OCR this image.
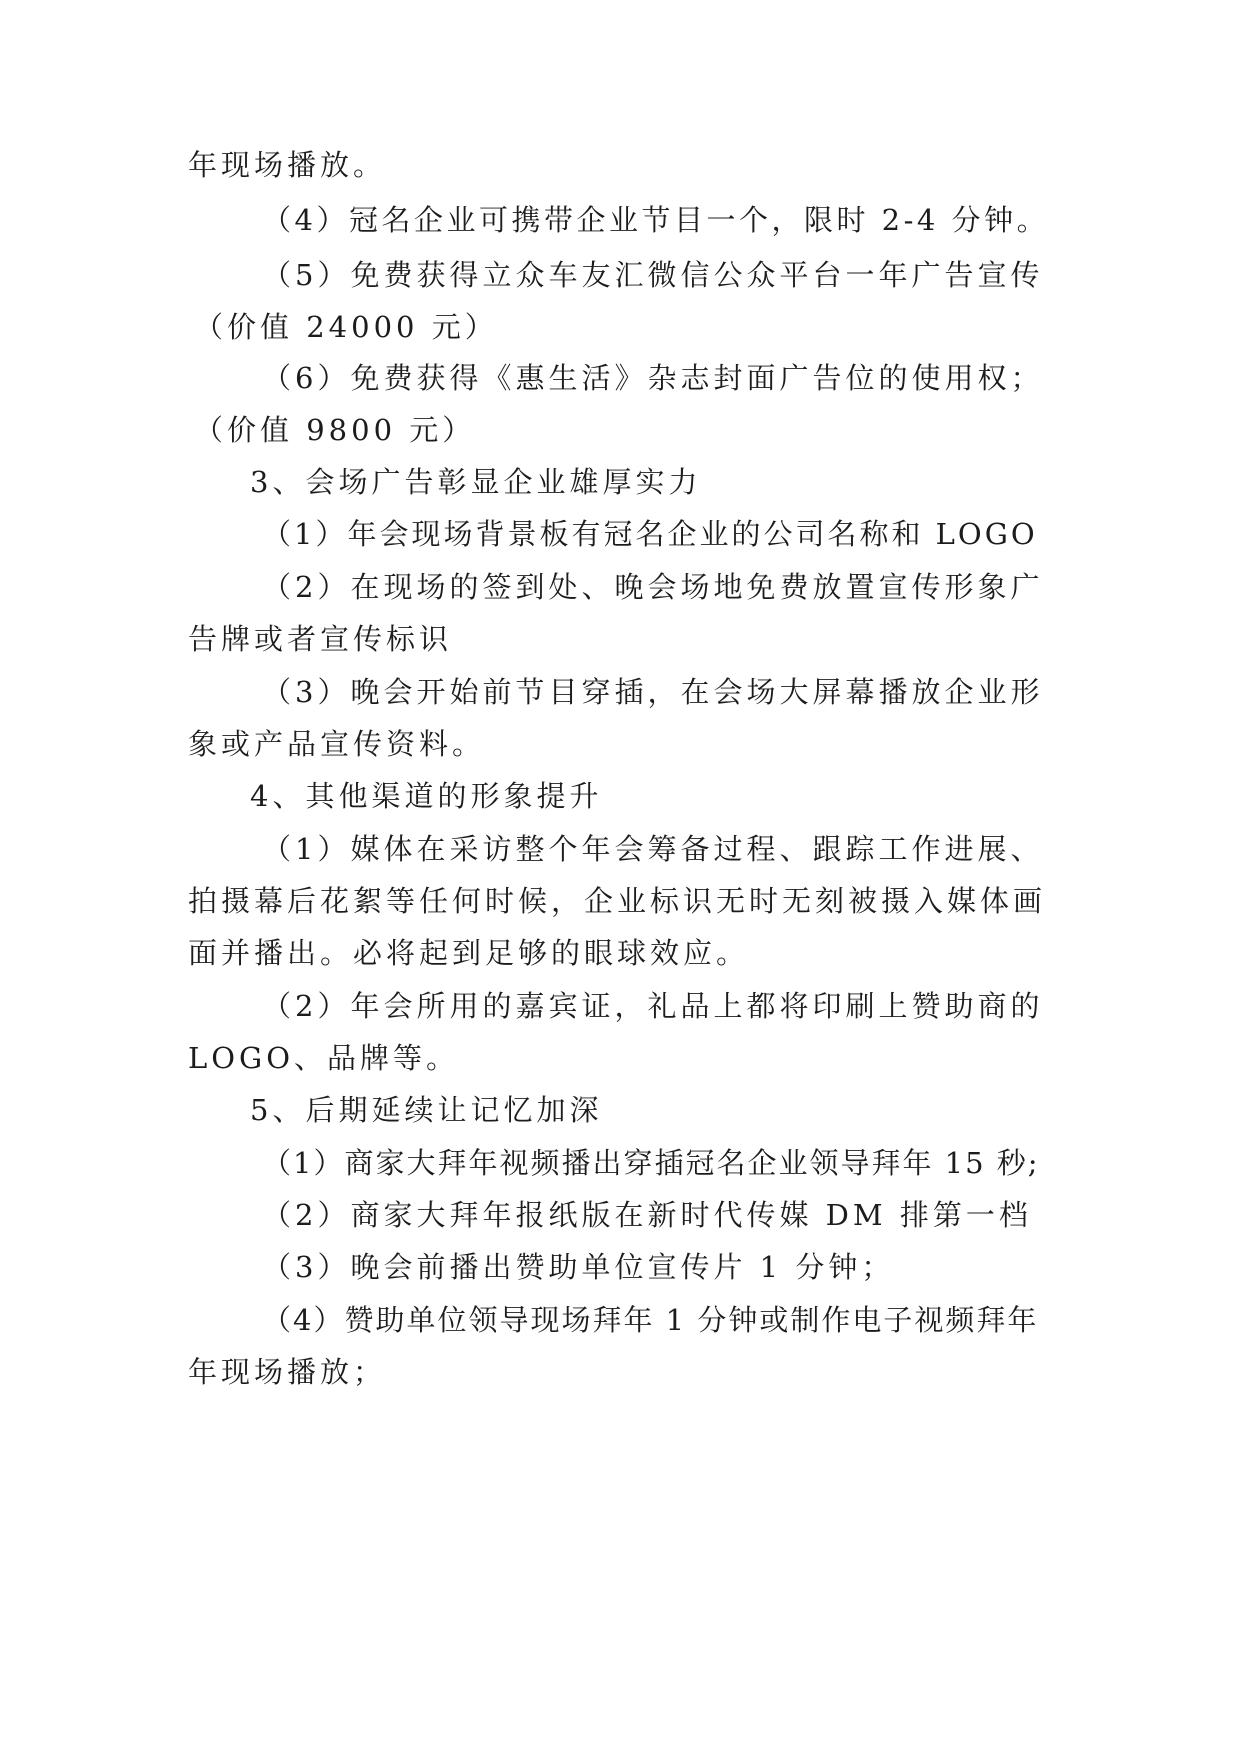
年现场播放。

（4）冠名企业可携带企业节目一个，限时 2-4 分钟。

（5）免费获得立众车友汇微信公众平台一年广告宣传

（价值 24000 元）

（6）免费获得《惠生活》杂志封面广告位的使用权；

（价值 9800 元）

3、会场广告彰显企业雄厚实力

（1）年会现场背景板有冠名企业的公司名称和 LOGO

（2）在现场的签到处、晚会场地免费放置宣传形象广

告牌或者宣传标识

（3）晚会开始前节目穿插，在会场大屏幕播放企业形

象或产品宣传资料。

4、其他渠道的形象提升

（1）媒体在采访整个年会筹备过程、跟踪工作进展、

拍摄幕后花絮等任何时候，企业标识无时无刻被摄入媒体画

面并播出。必将起到足够的眼球效应。

（2）年会所用的嘉宾证，礼品上都将印刷上赞助商的

LOGO、品牌等。

5、后期延续让记忆加深

（1）商家大拜年视频播出穿插冠名企业领导拜年 15 秒;

（2）商家大拜年报纸版在新时代传媒 DM 排第一档

（3）晚会前播出赞助单位宣传片 1 分钟；

（4）赞助单位领导现场拜年 1 分钟或制作电子视频拜年

年现场播放；
